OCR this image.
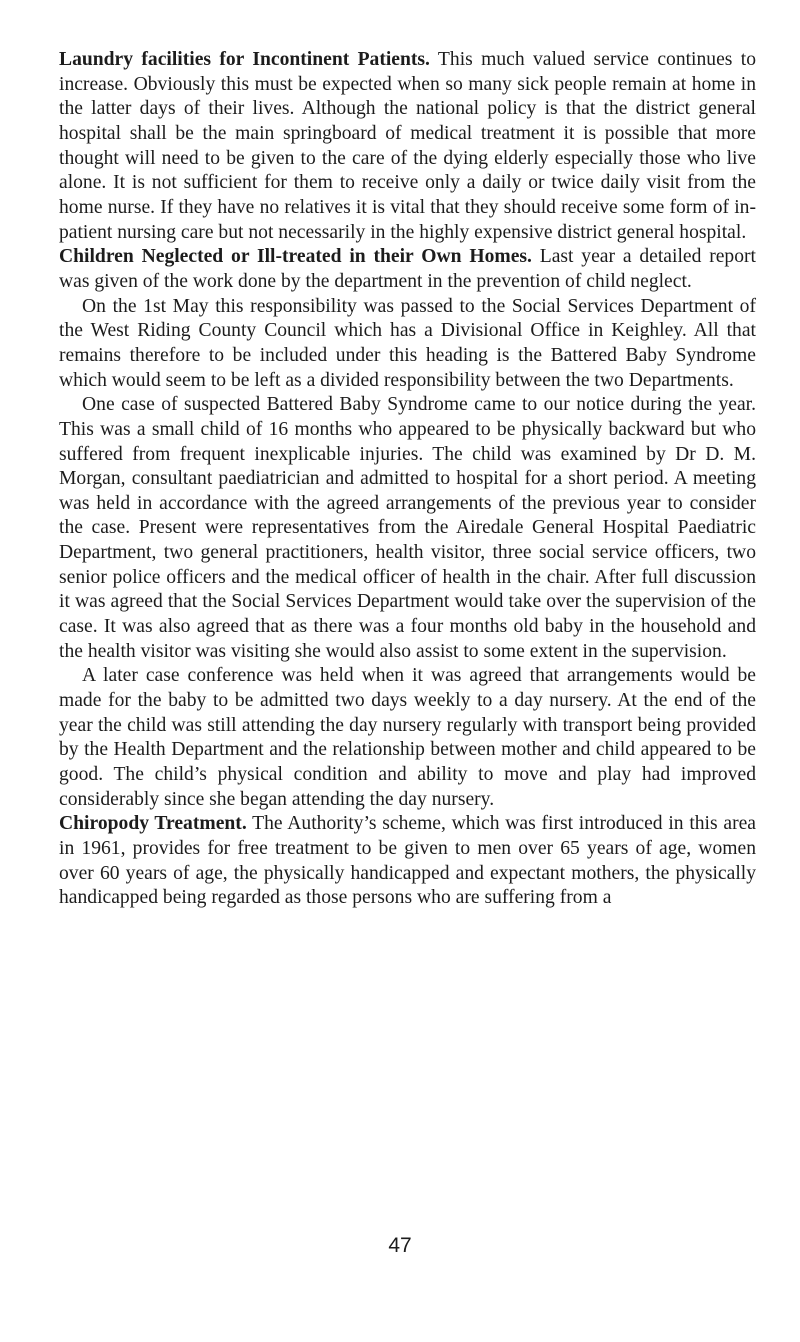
Laundry facilities for Incontinent Patients. This much valued service continues to increase. Obviously this must be expected when so many sick people remain at home in the latter days of their lives. Although the national policy is that the district general hospital shall be the main springboard of medical treatment it is possible that more thought will need to be given to the care of the dying elderly especially those who live alone. It is not sufficient for them to receive only a daily or twice daily visit from the home nurse. If they have no relatives it is vital that they should receive some form of in-patient nursing care but not necessarily in the highly expensive district general hospital.

Children Neglected or Ill-treated in their Own Homes. Last year a detailed report was given of the work done by the department in the prevention of child neglect.

On the 1st May this responsibility was passed to the Social Services Department of the West Riding County Council which has a Divisional Office in Keighley. All that remains therefore to be included under this heading is the Battered Baby Syndrome which would seem to be left as a divided responsibility between the two Departments.

One case of suspected Battered Baby Syndrome came to our notice during the year. This was a small child of 16 months who appeared to be physically backward but who suffered from frequent inexplicable injuries. The child was examined by Dr D. M. Morgan, consultant paediatrician and admitted to hospital for a short period. A meeting was held in accordance with the agreed arrangements of the previous year to consider the case. Present were representatives from the Airedale General Hospital Paediatric Department, two general practitioners, health visitor, three social service officers, two senior police officers and the medical officer of health in the chair. After full discussion it was agreed that the Social Services Department would take over the supervision of the case. It was also agreed that as there was a four months old baby in the household and the health visitor was visiting she would also assist to some extent in the supervision.

A later case conference was held when it was agreed that arrangements would be made for the baby to be admitted two days weekly to a day nursery. At the end of the year the child was still attending the day nursery regularly with transport being provided by the Health Department and the relationship between mother and child appeared to be good. The child’s physical condition and ability to move and play had improved considerably since she began attending the day nursery.

Chiropody Treatment. The Authority’s scheme, which was first introduced in this area in 1961, provides for free treatment to be given to men over 65 years of age, women over 60 years of age, the physically handicapped and expectant mothers, the physically handicapped being regarded as those persons who are suffering from a

47
